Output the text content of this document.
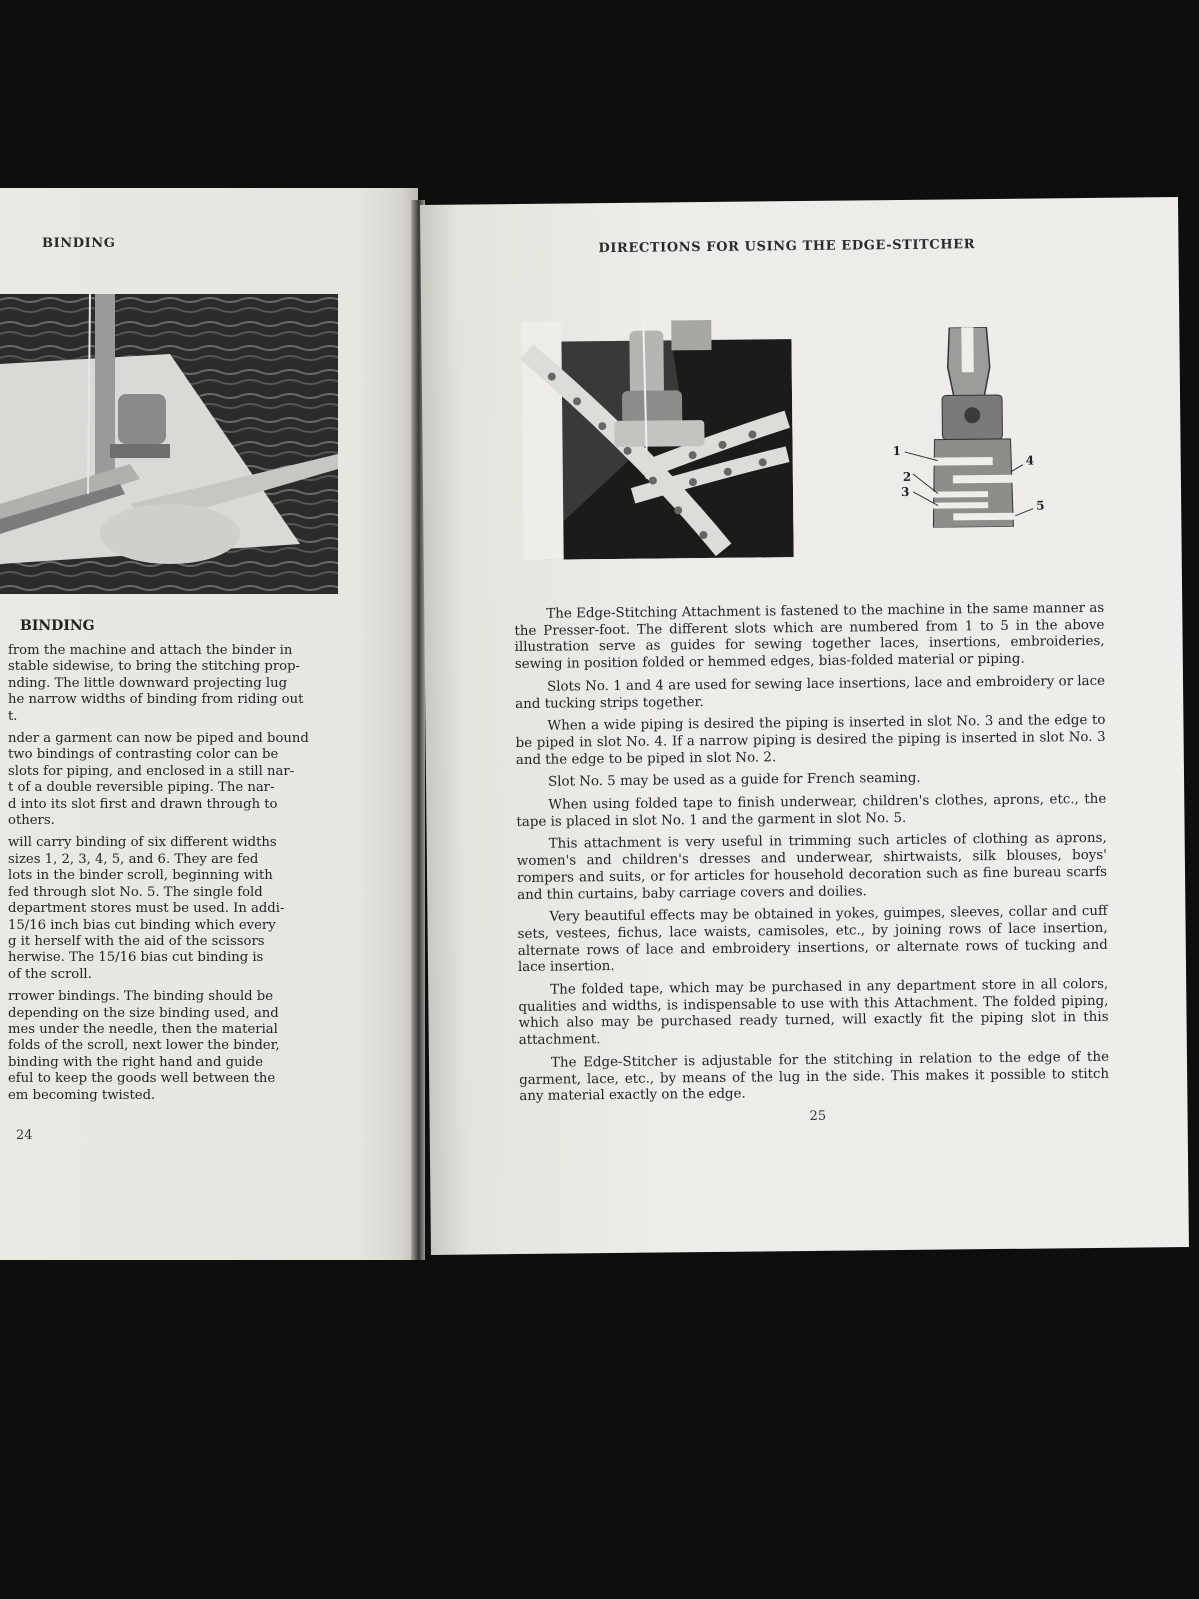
BINDING
BINDING

from the machine and attach the binder in
stable sidewise, to bring the stitching prop-
nding. The little downward projecting lug
he narrow widths of binding from riding out
t.

nder a garment can now be piped and bound
two bindings of contrasting color can be
slots for piping, and enclosed in a still nar-
t of a double reversible piping. The nar-
d into its slot first and drawn through to
others.

will carry binding of six different widths
sizes 1, 2, 3, 4, 5, and 6. They are fed
lots in the binder scroll, beginning with
fed through slot No. 5. The single fold
department stores must be used. In addi-
15/16 inch bias cut binding which every
g it herself with the aid of the scissors
herwise. The 15/16 bias cut binding is
of the scroll.

rrower bindings. The binding should be
depending on the size binding used, and
mes under the needle, then the material
folds of the scroll, next lower the binder,
binding with the right hand and guide
eful to keep the goods well between the
em becoming twisted.

24
DIRECTIONS FOR USING THE EDGE-STITCHER
1
2
3
4
5

The Edge-Stitching Attachment is fastened to the machine in the same manner as the Presser-foot. The different slots which are numbered from 1 to 5 in the above illustration serve as guides for sewing together laces, insertions, embroideries, sewing in position folded or hemmed edges, bias-folded material or piping.

Slots No. 1 and 4 are used for sewing lace insertions, lace and embroidery or lace and tucking strips together.

When a wide piping is desired the piping is inserted in slot No. 3 and the edge to be piped in slot No. 4. If a narrow piping is desired the piping is inserted in slot No. 3 and the edge to be piped in slot No. 2.

Slot No. 5 may be used as a guide for French seaming.

When using folded tape to finish underwear, children's clothes, aprons, etc., the tape is placed in slot No. 1 and the garment in slot No. 5.

This attachment is very useful in trimming such articles of clothing as aprons, women's and children's dresses and underwear, shirtwaists, silk blouses, boys' rompers and suits, or for articles for household decoration such as fine bureau scarfs and thin curtains, baby carriage covers and doilies.

Very beautiful effects may be obtained in yokes, guimpes, sleeves, collar and cuff sets, vestees, fichus, lace waists, camisoles, etc., by joining rows of lace insertion, alternate rows of lace and embroidery insertions, or alternate rows of tucking and lace insertion.

The folded tape, which may be purchased in any department store in all colors, qualities and widths, is indispensable to use with this Attachment. The folded piping, which also may be purchased ready turned, will exactly fit the piping slot in this attachment.

The Edge-Stitcher is adjustable for the stitching in relation to the edge of the garment, lace, etc., by means of the lug in the side. This makes it possible to stitch any material exactly on the edge.

25
